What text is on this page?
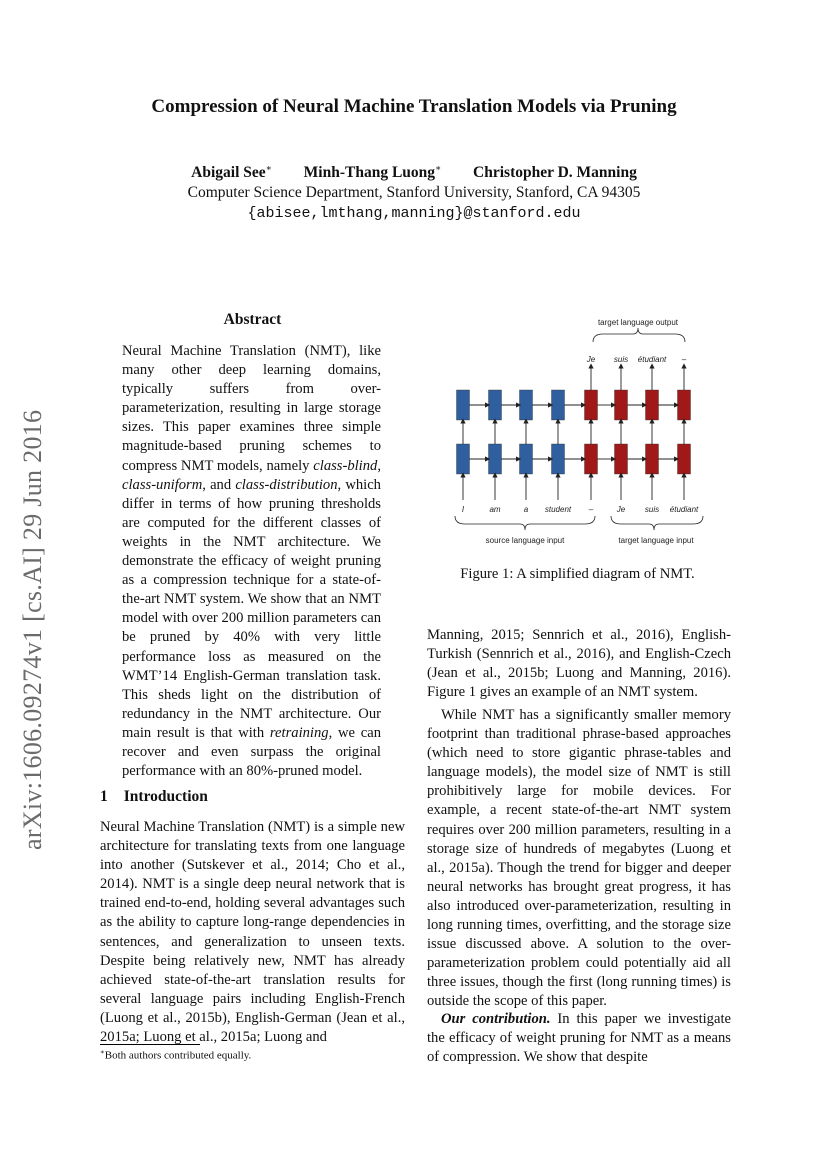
Compression of Neural Machine Translation Models via Pruning
Abigail See∗ Minh-Thang Luong∗ Christopher D. Manning
Computer Science Department, Stanford University, Stanford, CA 94305
{abisee,lmthang,manning}@stanford.edu
arXiv:1606.09274v1 [cs.AI] 29 Jun 2016
Abstract
Neural Machine Translation (NMT), like many other deep learning domains, typically suffers from over-parameterization, resulting in large storage sizes. This paper examines three simple magnitude-based pruning schemes to compress NMT models, namely class-blind, class-uniform, and class-distribution, which differ in terms of how pruning thresholds are computed for the different classes of weights in the NMT architecture. We demonstrate the efficacy of weight pruning as a compression technique for a state-of-the-art NMT system. We show that an NMT model with over 200 million parameters can be pruned by 40% with very little performance loss as measured on the WMT’14 English-German translation task. This sheds light on the distribution of redundancy in the NMT architecture. Our main result is that with retraining, we can recover and even surpass the original performance with an 80%-pruned model.
1 Introduction

Neural Machine Translation (NMT) is a simple new architecture for translating texts from one language into another (Sutskever et al., 2014; Cho et al., 2014). NMT is a single deep neural network that is trained end-to-end, holding several advantages such as the ability to capture long-range dependencies in sentences, and generalization to unseen texts. Despite being relatively new, NMT has already achieved state-of-the-art translation results for several language pairs including English-French (Luong et al., 2015b), English-German (Jean et al., 2015a; Luong et al., 2015a; Luong and

∗Both authors contributed equally.
target language output
Je suis étudiant –
I	am	a student –	Je suis étudiant
source language input	target language input
Figure 1: A simplified diagram of NMT.

Manning, 2015; Sennrich et al., 2016), English-Turkish (Sennrich et al., 2016), and English-Czech (Jean et al., 2015b; Luong and Manning, 2016). Figure 1 gives an example of an NMT system.

While NMT has a significantly smaller memory footprint than traditional phrase-based approaches (which need to store gigantic phrase-tables and language models), the model size of NMT is still prohibitively large for mobile devices. For example, a recent state-of-the-art NMT system requires over 200 million parameters, resulting in a storage size of hundreds of megabytes (Luong et al., 2015a). Though the trend for bigger and deeper neural networks has brought great progress, it has also introduced over-parameterization, resulting in long running times, overfitting, and the storage size issue discussed above. A solution to the over-parameterization problem could potentially aid all three issues, though the first (long running times) is outside the scope of this paper.

Our contribution. In this paper we investigate the efficacy of weight pruning for NMT as a means of compression. We show that despite
